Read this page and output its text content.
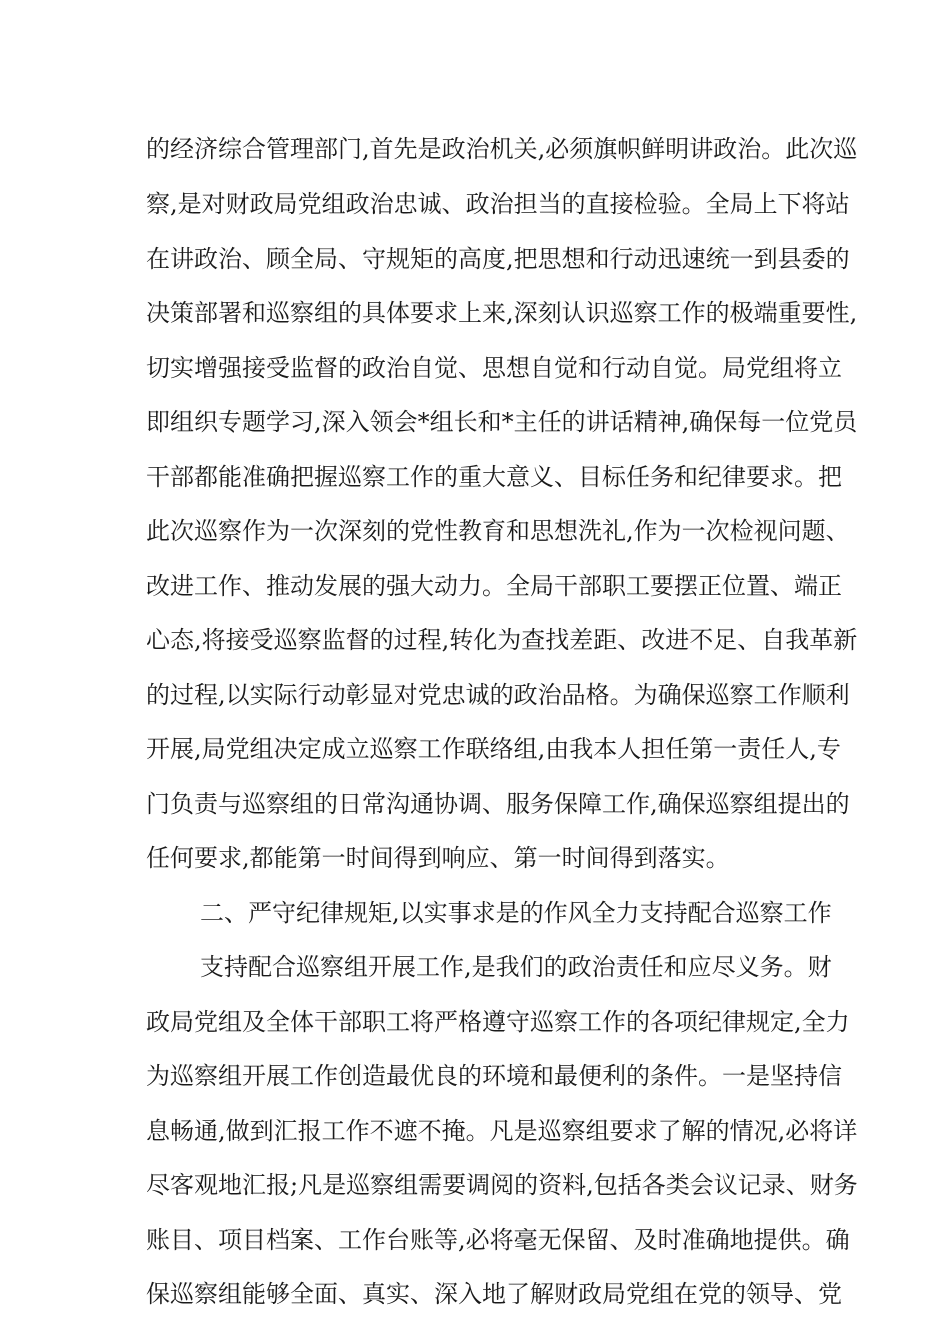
的经济综合管理部门,首先是政治机关,必须旗帜鲜明讲政治。此次巡
察,是对财政局党组政治忠诚、政治担当的直接检验。全局上下将站
在讲政治、顾全局、守规矩的高度,把思想和行动迅速统一到县委的
决策部署和巡察组的具体要求上来,深刻认识巡察工作的极端重要性,
切实增强接受监督的政治自觉、思想自觉和行动自觉。局党组将立
即组织专题学习,深入领会*组长和*主任的讲话精神,确保每一位党员
干部都能准确把握巡察工作的重大意义、目标任务和纪律要求。把
此次巡察作为一次深刻的党性教育和思想洗礼,作为一次检视问题、
改进工作、推动发展的强大动力。全局干部职工要摆正位置、端正
心态,将接受巡察监督的过程,转化为查找差距、改进不足、自我革新
的过程,以实际行动彰显对党忠诚的政治品格。为确保巡察工作顺利
开展,局党组决定成立巡察工作联络组,由我本人担任第一责任人,专
门负责与巡察组的日常沟通协调、服务保障工作,确保巡察组提出的
任何要求,都能第一时间得到响应、第一时间得到落实。
二、严守纪律规矩,以实事求是的作风全力支持配合巡察工作
支持配合巡察组开展工作,是我们的政治责任和应尽义务。财
政局党组及全体干部职工将严格遵守巡察工作的各项纪律规定,全力
为巡察组开展工作创造最优良的环境和最便利的条件。一是坚持信
息畅通,做到汇报工作不遮不掩。凡是巡察组要求了解的情况,必将详
尽客观地汇报;凡是巡察组需要调阅的资料,包括各类会议记录、财务
账目、项目档案、工作台账等,必将毫无保留、及时准确地提供。确
保巡察组能够全面、真实、深入地了解财政局党组在党的领导、党
